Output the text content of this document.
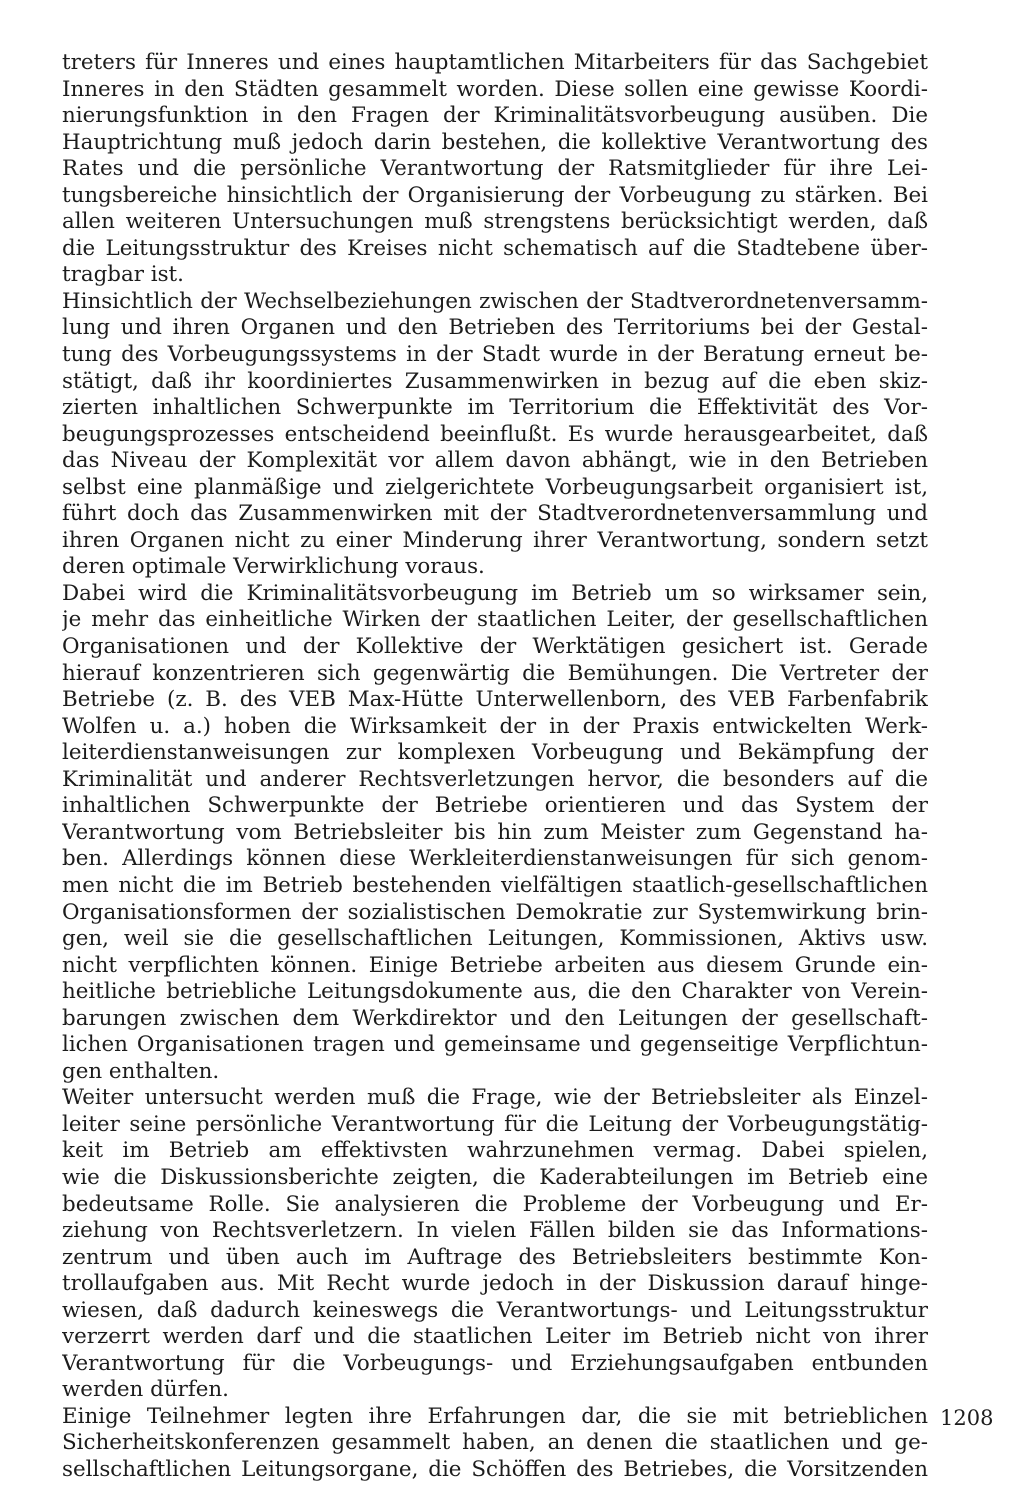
treters für Inneres und eines hauptamtlichen Mitarbeiters für das Sachgebiet
Inneres in den Städten gesammelt worden. Diese sollen eine gewisse Koordi-
nierungsfunktion in den Fragen der Kriminalitätsvorbeugung ausüben. Die
Hauptrichtung muß jedoch darin bestehen, die kollektive Verantwortung des
Rates und die persönliche Verantwortung der Ratsmitglieder für ihre Lei-
tungsbereiche hinsichtlich der Organisierung der Vorbeugung zu stärken. Bei
allen weiteren Untersuchungen muß strengstens berücksichtigt werden, daß
die Leitungsstruktur des Kreises nicht schematisch auf die Stadtebene über-
tragbar ist.
Hinsichtlich der Wechselbeziehungen zwischen der Stadtverordnetenversamm-
lung und ihren Organen und den Betrieben des Territoriums bei der Gestal-
tung des Vorbeugungssystems in der Stadt wurde in der Beratung erneut be-
stätigt, daß ihr koordiniertes Zusammenwirken in bezug auf die eben skiz-
zierten inhaltlichen Schwerpunkte im Territorium die Effektivität des Vor-
beugungsprozesses entscheidend beeinflußt. Es wurde herausgearbeitet, daß
das Niveau der Komplexität vor allem davon abhängt, wie in den Betrieben
selbst eine planmäßige und zielgerichtete Vorbeugungsarbeit organisiert ist,
führt doch das Zusammenwirken mit der Stadtverordnetenversammlung und
ihren Organen nicht zu einer Minderung ihrer Verantwortung, sondern setzt
deren optimale Verwirklichung voraus.
Dabei wird die Kriminalitätsvorbeugung im Betrieb um so wirksamer sein,
je mehr das einheitliche Wirken der staatlichen Leiter, der gesellschaftlichen
Organisationen und der Kollektive der Werktätigen gesichert ist. Gerade
hierauf konzentrieren sich gegenwärtig die Bemühungen. Die Vertreter der
Betriebe (z. B. des VEB Max-Hütte Unterwellenborn, des VEB Farbenfabrik
Wolfen u. a.) hoben die Wirksamkeit der in der Praxis entwickelten Werk-
leiterdienstanweisungen zur komplexen Vorbeugung und Bekämpfung der
Kriminalität und anderer Rechtsverletzungen hervor, die besonders auf die
inhaltlichen Schwerpunkte der Betriebe orientieren und das System der
Verantwortung vom Betriebsleiter bis hin zum Meister zum Gegenstand ha-
ben. Allerdings können diese Werkleiterdienstanweisungen für sich genom-
men nicht die im Betrieb bestehenden vielfältigen staatlich-gesellschaftlichen
Organisationsformen der sozialistischen Demokratie zur Systemwirkung brin-
gen, weil sie die gesellschaftlichen Leitungen, Kommissionen, Aktivs usw.
nicht verpflichten können. Einige Betriebe arbeiten aus diesem Grunde ein-
heitliche betriebliche Leitungsdokumente aus, die den Charakter von Verein-
barungen zwischen dem Werkdirektor und den Leitungen der gesellschaft-
lichen Organisationen tragen und gemeinsame und gegenseitige Verpflichtun-
gen enthalten.
Weiter untersucht werden muß die Frage, wie der Betriebsleiter als Einzel-
leiter seine persönliche Verantwortung für die Leitung der Vorbeugungstätig-
keit im Betrieb am effektivsten wahrzunehmen vermag. Dabei spielen,
wie die Diskussionsberichte zeigten, die Kaderabteilungen im Betrieb eine
bedeutsame Rolle. Sie analysieren die Probleme der Vorbeugung und Er-
ziehung von Rechtsverletzern. In vielen Fällen bilden sie das Informations-
zentrum und üben auch im Auftrage des Betriebsleiters bestimmte Kon-
trollaufgaben aus. Mit Recht wurde jedoch in der Diskussion darauf hinge-
wiesen, daß dadurch keineswegs die Verantwortungs- und Leitungsstruktur
verzerrt werden darf und die staatlichen Leiter im Betrieb nicht von ihrer
Verantwortung für die Vorbeugungs- und Erziehungsaufgaben entbunden
werden dürfen.
Einige Teilnehmer legten ihre Erfahrungen dar, die sie mit betrieblichen
Sicherheitskonferenzen gesammelt haben, an denen die staatlichen und ge-
sellschaftlichen Leitungsorgane, die Schöffen des Betriebes, die Vorsitzenden
1208
